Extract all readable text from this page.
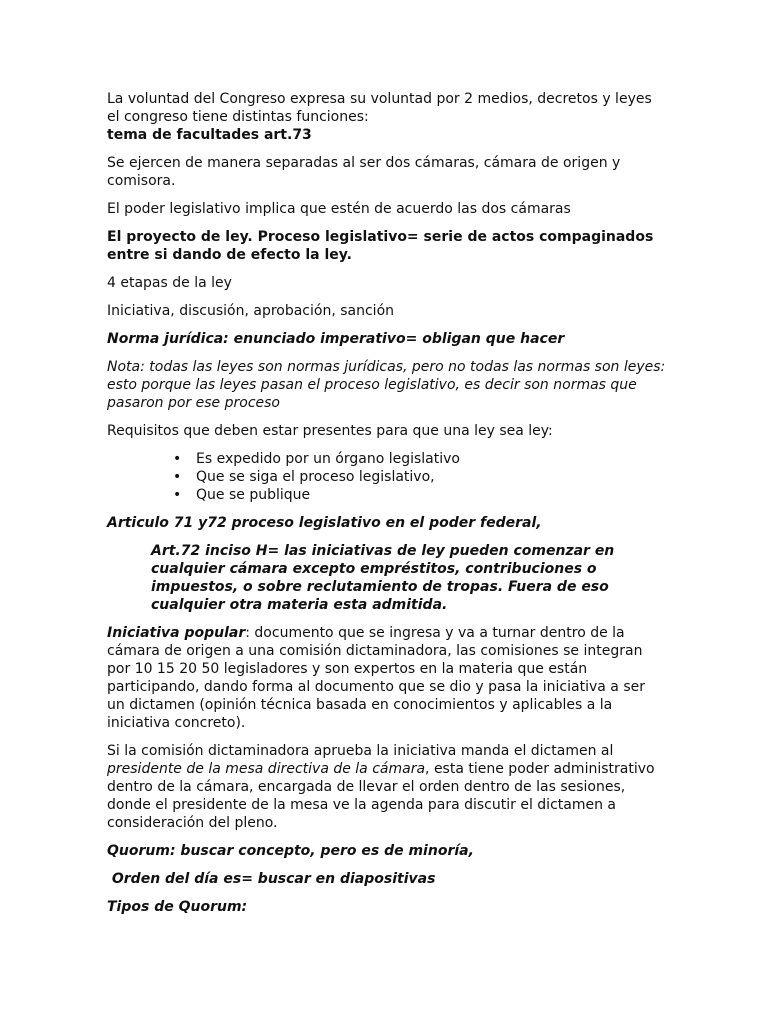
La voluntad del Congreso expresa su voluntad por 2 medios, decretos y leyes el congreso tiene distintas funciones:

tema de facultades art.73

Se ejercen de manera separadas al ser dos cámaras, cámara de origen y comisora.

El poder legislativo implica que estén de acuerdo las dos cámaras

El proyecto de ley. Proceso legislativo= serie de actos compaginados entre si dando de efecto la ley.

4 etapas de la ley

Iniciativa, discusión, aprobación, sanción

Norma jurídica: enunciado imperativo= obligan que hacer

Nota: todas las leyes son normas jurídicas, pero no todas las normas son leyes: esto porque las leyes pasan el proceso legislativo, es decir son normas que pasaron por ese proceso

Requisitos que deben estar presentes para que una ley sea ley:

• Es expedido por un órgano legislativo
• Que se siga el proceso legislativo,
• Que se publique

Articulo 71 y72 proceso legislativo en el poder federal,

Art.72 inciso H= las iniciativas de ley pueden comenzar en cualquier cámara excepto empréstitos, contribuciones o impuestos, o sobre reclutamiento de tropas. Fuera de eso cualquier otra materia esta admitida.

Iniciativa popular: documento que se ingresa y va a turnar dentro de la cámara de origen a una comisión dictaminadora, las comisiones se integran por 10 15 20 50 legisladores y son expertos en la materia que están participando, dando forma al documento que se dio y pasa la iniciativa a ser un dictamen (opinión técnica basada en conocimientos y aplicables a la iniciativa concreto).

Si la comisión dictaminadora aprueba la iniciativa manda el dictamen al presidente de la mesa directiva de la cámara, esta tiene poder administrativo dentro de la cámara, encargada de llevar el orden dentro de las sesiones, donde el presidente de la mesa ve la agenda para discutir el dictamen a consideración del pleno.

Quorum: buscar concepto, pero es de minoría,

Orden del día es= buscar en diapositivas

Tipos de Quorum:
